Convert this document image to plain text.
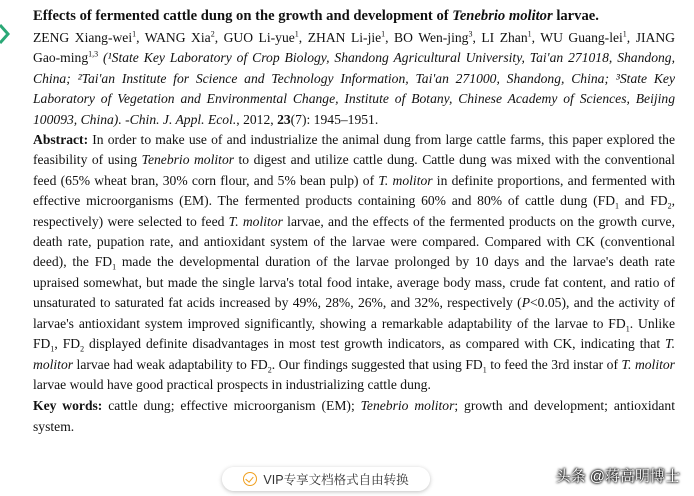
Effects of fermented cattle dung on the growth and development of Tenebrio molitor larvae.

ZENG Xiang-wei$^1$, WANG Xia$^2$, GUO Li-yue$^1$, ZHAN Li-jie$^1$, BO Wen-jing$^3$, LI Zhan$^1$, WU Guang-lei$^1$, JIANG Gao-ming$^{1,3}$ (¹State Key Laboratory of Crop Biology, Shandong Agricultural University, Tai'an 271018, Shandong, China; ²Tai'an Institute for Science and Technology Information, Tai'an 271000, Shandong, China; ³State Key Laboratory of Vegetation and Environmental Change, Institute of Botany, Chinese Academy of Sciences, Beijing 100093, China). -Chin. J. Appl. Ecol., 2012, 23(7): 1945–1951.

Abstract: In order to make use of and industrialize the animal dung from large cattle farms, this paper explored the feasibility of using Tenebrio molitor to digest and utilize cattle dung. Cattle dung was mixed with the conventional feed (65% wheat bran, 30% corn flour, and 5% bean pulp) of T. molitor in definite proportions, and fermented with effective microorganisms (EM). The fermented products containing 60% and 80% of cattle dung ($FD_1$ and $FD_2$, respectively) were selected to feed T. molitor larvae, and the effects of the fermented products on the growth curve, death rate, pupation rate, and antioxidant system of the larvae were compared. Compared with CK (conventional deed), the $FD_1$ made the developmental duration of the larvae prolonged by 10 days and the larvae's death rate upraised somewhat, but made the single larva's total food intake, average body mass, crude fat content, and ratio of unsaturated to saturated fat acids increased by 49%, 28%, 26%, and 32%, respectively (P<0.05), and the activity of larvae's antioxidant system improved significantly, showing a remarkable adaptability of the larvae to $FD_1$. Unlike $FD_1$, $FD_2$ displayed definite disadvantages in most test growth indicators, as compared with CK, indicating that T. molitor larvae had weak adaptability to $FD_2$. Our findings suggested that using $FD_1$ to feed the 3rd instar of T. molitor larvae would have good practical prospects in industrializing cattle dung.

Key words: cattle dung; effective microorganism (EM); Tenebrio molitor; growth and development; antioxidant system.

VIP专享文档格式自由转换	头条 @蒋高明博士
